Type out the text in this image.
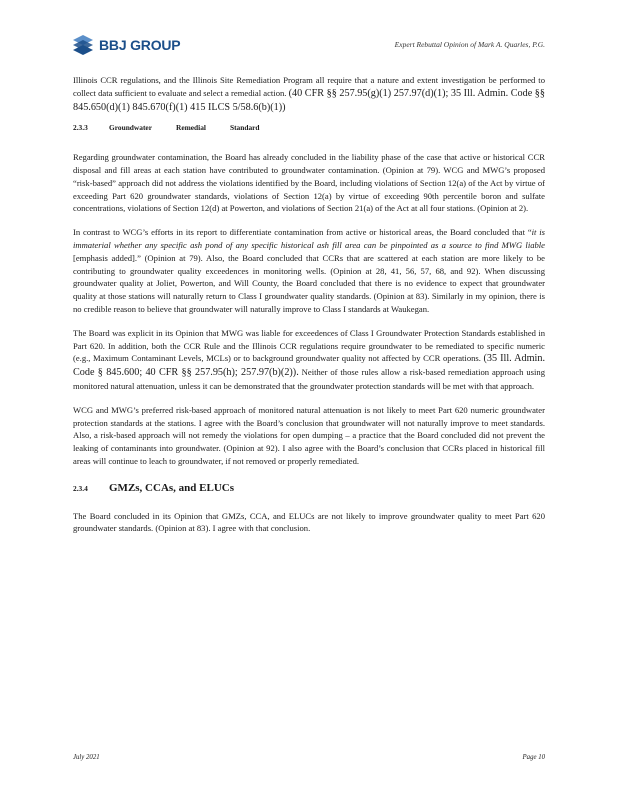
BBJ GROUP	Expert Rebuttal Opinion of Mark A. Quarles, P.G.

Illinois CCR regulations, and the Illinois Site Remediation Program all require that a nature and extent investigation be performed to collect data sufficient to evaluate and select a remedial action. (40 CFR §§ 257.95(g)(1) 257.97(d)(1); 35 Ill. Admin. Code §§ 845.650(d)(1) 845.670(f)(1) 415 ILCS 5/58.6(b)(1))

2.3.3	Groundwater	Remedial	Standard

Regarding groundwater contamination, the Board has already concluded in the liability phase of the case that active or historical CCR disposal and fill areas at each station have contributed to groundwater contamination. (Opinion at 79). WCG and MWG’s proposed “risk-based” approach did not address the violations identified by the Board, including violations of Section 12(a) of the Act by virtue of exceeding Part 620 groundwater standards, violations of Section 12(a) by virtue of exceeding 90th percentile boron and sulfate concentrations, violations of Section 12(d) at Powerton, and violations of Section 21(a) of the Act at all four stations. (Opinion at 2).

In contrast to WCG’s efforts in its report to differentiate contamination from active or historical areas, the Board concluded that “it is immaterial whether any specific ash pond of any specific historical ash fill area can be pinpointed as a source to find MWG liable [emphasis added].” (Opinion at 79). Also, the Board concluded that CCRs that are scattered at each station are more likely to be contributing to groundwater quality exceedences in monitoring wells. (Opinion at 28, 41, 56, 57, 68, and 92). When discussing groundwater quality at Joliet, Powerton, and Will County, the Board concluded that there is no evidence to expect that groundwater quality at those stations will naturally return to Class I groundwater quality standards. (Opinion at 83). Similarly in my opinion, there is no credible reason to believe that groundwater will naturally improve to Class I standards at Waukegan.

The Board was explicit in its Opinion that MWG was liable for exceedences of Class I Groundwater Protection Standards established in Part 620. In addition, both the CCR Rule and the Illinois CCR regulations require groundwater to be remediated to specific numeric (e.g., Maximum Contaminant Levels, MCLs) or to background groundwater quality not affected by CCR operations. (35 Ill. Admin. Code § 845.600; 40 CFR §§ 257.95(h); 257.97(b)(2)). Neither of those rules allow a risk-based remediation approach using monitored natural attenuation, unless it can be demonstrated that the groundwater protection standards will be met with that approach.

WCG and MWG’s preferred risk-based approach of monitored natural attenuation is not likely to meet Part 620 numeric groundwater protection standards at the stations. I agree with the Board’s conclusion that groundwater will not naturally improve to meet standards. Also, a risk-based approach will not remedy the violations for open dumping – a practice that the Board concluded did not prevent the leaking of contaminants into groundwater. (Opinion at 92). I also agree with the Board’s conclusion that CCRs placed in historical fill areas will continue to leach to groundwater, if not removed or properly remediated.

2.3.4	GMZs, CCAs, and ELUCs

The Board concluded in its Opinion that GMZs, CCA, and ELUCs are not likely to improve groundwater quality to meet Part 620 groundwater standards. (Opinion at 83). I agree with that conclusion.

July 2021	Page 10
